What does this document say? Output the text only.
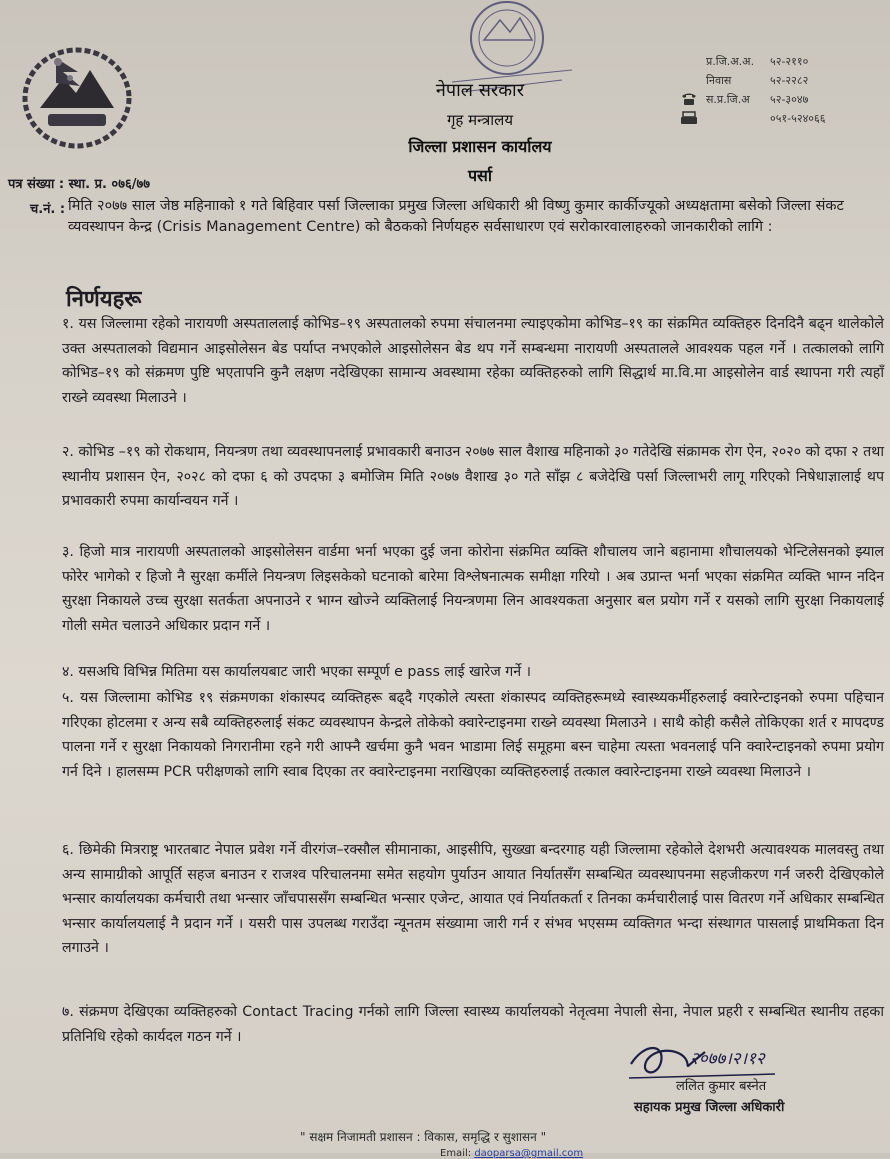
नेपाल सरकार
गृह मन्त्रालय
जिल्ला प्रशासन कार्यालय
पर्सा
प्र.जि.अ.अ. ५२-२११०
निवास	५२-२२८२
स.प्र.जि.अ ५२-३०४७
०५१-५२४०६६
पत्र संख्या : स्था. प्र. ०७६/७७
च.नं. : मिति २०७७ साल जेष्ठ महिनााको १ गते बिहिवार पर्सा जिल्लाका प्रमुख जिल्ला अधिकारी श्री विष्णु कुमार कार्कीज्यूको अध्यक्षतामा बसेको जिल्ला संकट व्यवस्थापन केन्द्र (Crisis Management Centre) को बैठकको निर्णयहरु सर्वसाधारण एवं सरोकारवालाहरुको जानकारीको लागि :

निर्णयहरू

१. यस जिल्लामा रहेको नारायणी अस्पताललाई कोभिड–१९ अस्पतालको रुपमा संचालनमा ल्याइएकोमा कोभिड–१९ का संक्रमित व्यक्तिहरु दिनदिनै बढ्न थालेकोले उक्त अस्पतालको विद्यमान आइसोलेसन बेड पर्याप्त नभएकोले आइसोलेसन बेड थप गर्ने सम्बन्धमा नारायणी अस्पतालले आवश्यक पहल गर्ने । तत्कालको लागि कोभिड–१९ को संक्रमण पुष्टि भएतापनि कुनै लक्षण नदेखिएका सामान्य अवस्थामा रहेका व्यक्तिहरुको लागि सिद्धार्थ मा.वि.मा आइसोलेन वार्ड स्थापना गरी त्यहाँ राख्ने व्यवस्था मिलाउने ।

२. कोभिड –१९ को रोकथाम, नियन्त्रण तथा व्यवस्थापनलाई प्रभावकारी बनाउन २०७७ साल वैशाख महिनाको ३० गतेदेखि संक्रामक रोग ऐन, २०२० को दफा २ तथा स्थानीय प्रशासन ऐन, २०२८ को दफा ६ को उपदफा ३ बमोजिम मिति २०७७ वैशाख ३० गते साँझ ८ बजेदेखि पर्सा जिल्लाभरी लागू गरिएको निषेधाज्ञालाई थप प्रभावकारी रुपमा कार्यान्वयन गर्ने ।

३. हिजो मात्र नारायणी अस्पतालको आइसोलेसन वार्डमा भर्ना भएका दुई जना कोरोना संक्रमित व्यक्ति शौचालय जाने बहानामा शौचालयको भेन्टिलेसनको झ्याल फोरेर भागेको र हिजो नै सुरक्षा कर्मीले नियन्त्रण लिइसकेको घटनाको बारेमा विश्लेषनात्मक समीक्षा गरियो । अब उप्रान्त भर्ना भएका संक्रमित व्यक्ति भाग्न नदिन सुरक्षा निकायले उच्च सुरक्षा सतर्कता अपनाउने र भाग्न खोज्ने व्यक्तिलाई नियन्त्रणमा लिन आवश्यकता अनुसार बल प्रयोग गर्ने र यसको लागि सुरक्षा निकायलाई गोली समेत चलाउने अधिकार प्रदान गर्ने ।

४. यसअघि विभिन्न मितिमा यस कार्यालयबाट जारी भएका सम्पूर्ण e pass लाई खारेज गर्ने ।

५. यस जिल्लामा कोभिड १९ संक्रमणका शंकास्पद व्यक्तिहरू बढ्दै गएकोले त्यस्ता शंकास्पद व्यक्तिहरूमध्ये स्वास्थ्यकर्मीहरुलाई क्वारेन्टाइनको रुपमा पहिचान गरिएका होटलमा र अन्य सबै व्यक्तिहरुलाई संकट व्यवस्थापन केन्द्रले तोकेको क्वारेन्टाइनमा राख्ने व्यवस्था मिलाउने । साथै कोही कसैले तोकिएका शर्त र मापदण्ड पालना गर्ने र सुरक्षा निकायको निगरानीमा रहने गरी आफ्नै खर्चमा कुनै भवन भाडामा लिई समूहमा बस्न चाहेमा त्यस्ता भवनलाई पनि क्वारेन्टाइनको रुपमा प्रयोग गर्न दिने । हालसम्म PCR परीक्षणको लागि स्वाब दिएका तर क्वारेन्टाइनमा नराखिएका व्यक्तिहरुलाई तत्काल क्वारेन्टाइनमा राख्ने व्यवस्था मिलाउने ।

६. छिमेकी मित्रराष्ट्र भारतबाट नेपाल प्रवेश गर्ने वीरगंज–रक्सौल सीमानाका, आइसीपि, सुख्खा बन्दरगाह यही जिल्लामा रहेकोले देशभरी अत्यावश्यक मालवस्तु तथा अन्य सामाग्रीको आपूर्ति सहज बनाउन र राजश्व परिचालनमा समेत सहयोग पुर्याउन आयात निर्यातसँग सम्बन्धित व्यवस्थापनमा सहजीकरण गर्न जरुरी देखिएकोले भन्सार कार्यालयका कर्मचारी तथा भन्सार जाँचपाससँग सम्बन्धित भन्सार एजेन्ट, आयात एवं निर्यातकर्ता र तिनका कर्मचारीलाई पास वितरण गर्ने अधिकार सम्बन्धित भन्सार कार्यालयलाई नै प्रदान गर्ने । यसरी पास उपलब्ध गराउँदा न्यूनतम संख्यामा जारी गर्न र संभव भएसम्म व्यक्तिगत भन्दा संस्थागत पासलाई प्राथमिकता दिन लगाउने ।

७. संक्रमण देखिएका व्यक्तिहरुको Contact Tracing गर्नको लागि जिल्ला स्वास्थ्य कार्यालयको नेतृत्वमा नेपाली सेना, नेपाल प्रहरी र सम्बन्धित स्थानीय तहका प्रतिनिधि रहेको कार्यदल गठन गर्ने ।

२०७७।२।१२
ललित कुमार बस्नेत
सहायक प्रमुख जिल्ला अधिकारी
" सक्षम निजामती प्रशासन : विकास, समृद्धि र सुशासन "
Email: daoparsa@gmail.com
